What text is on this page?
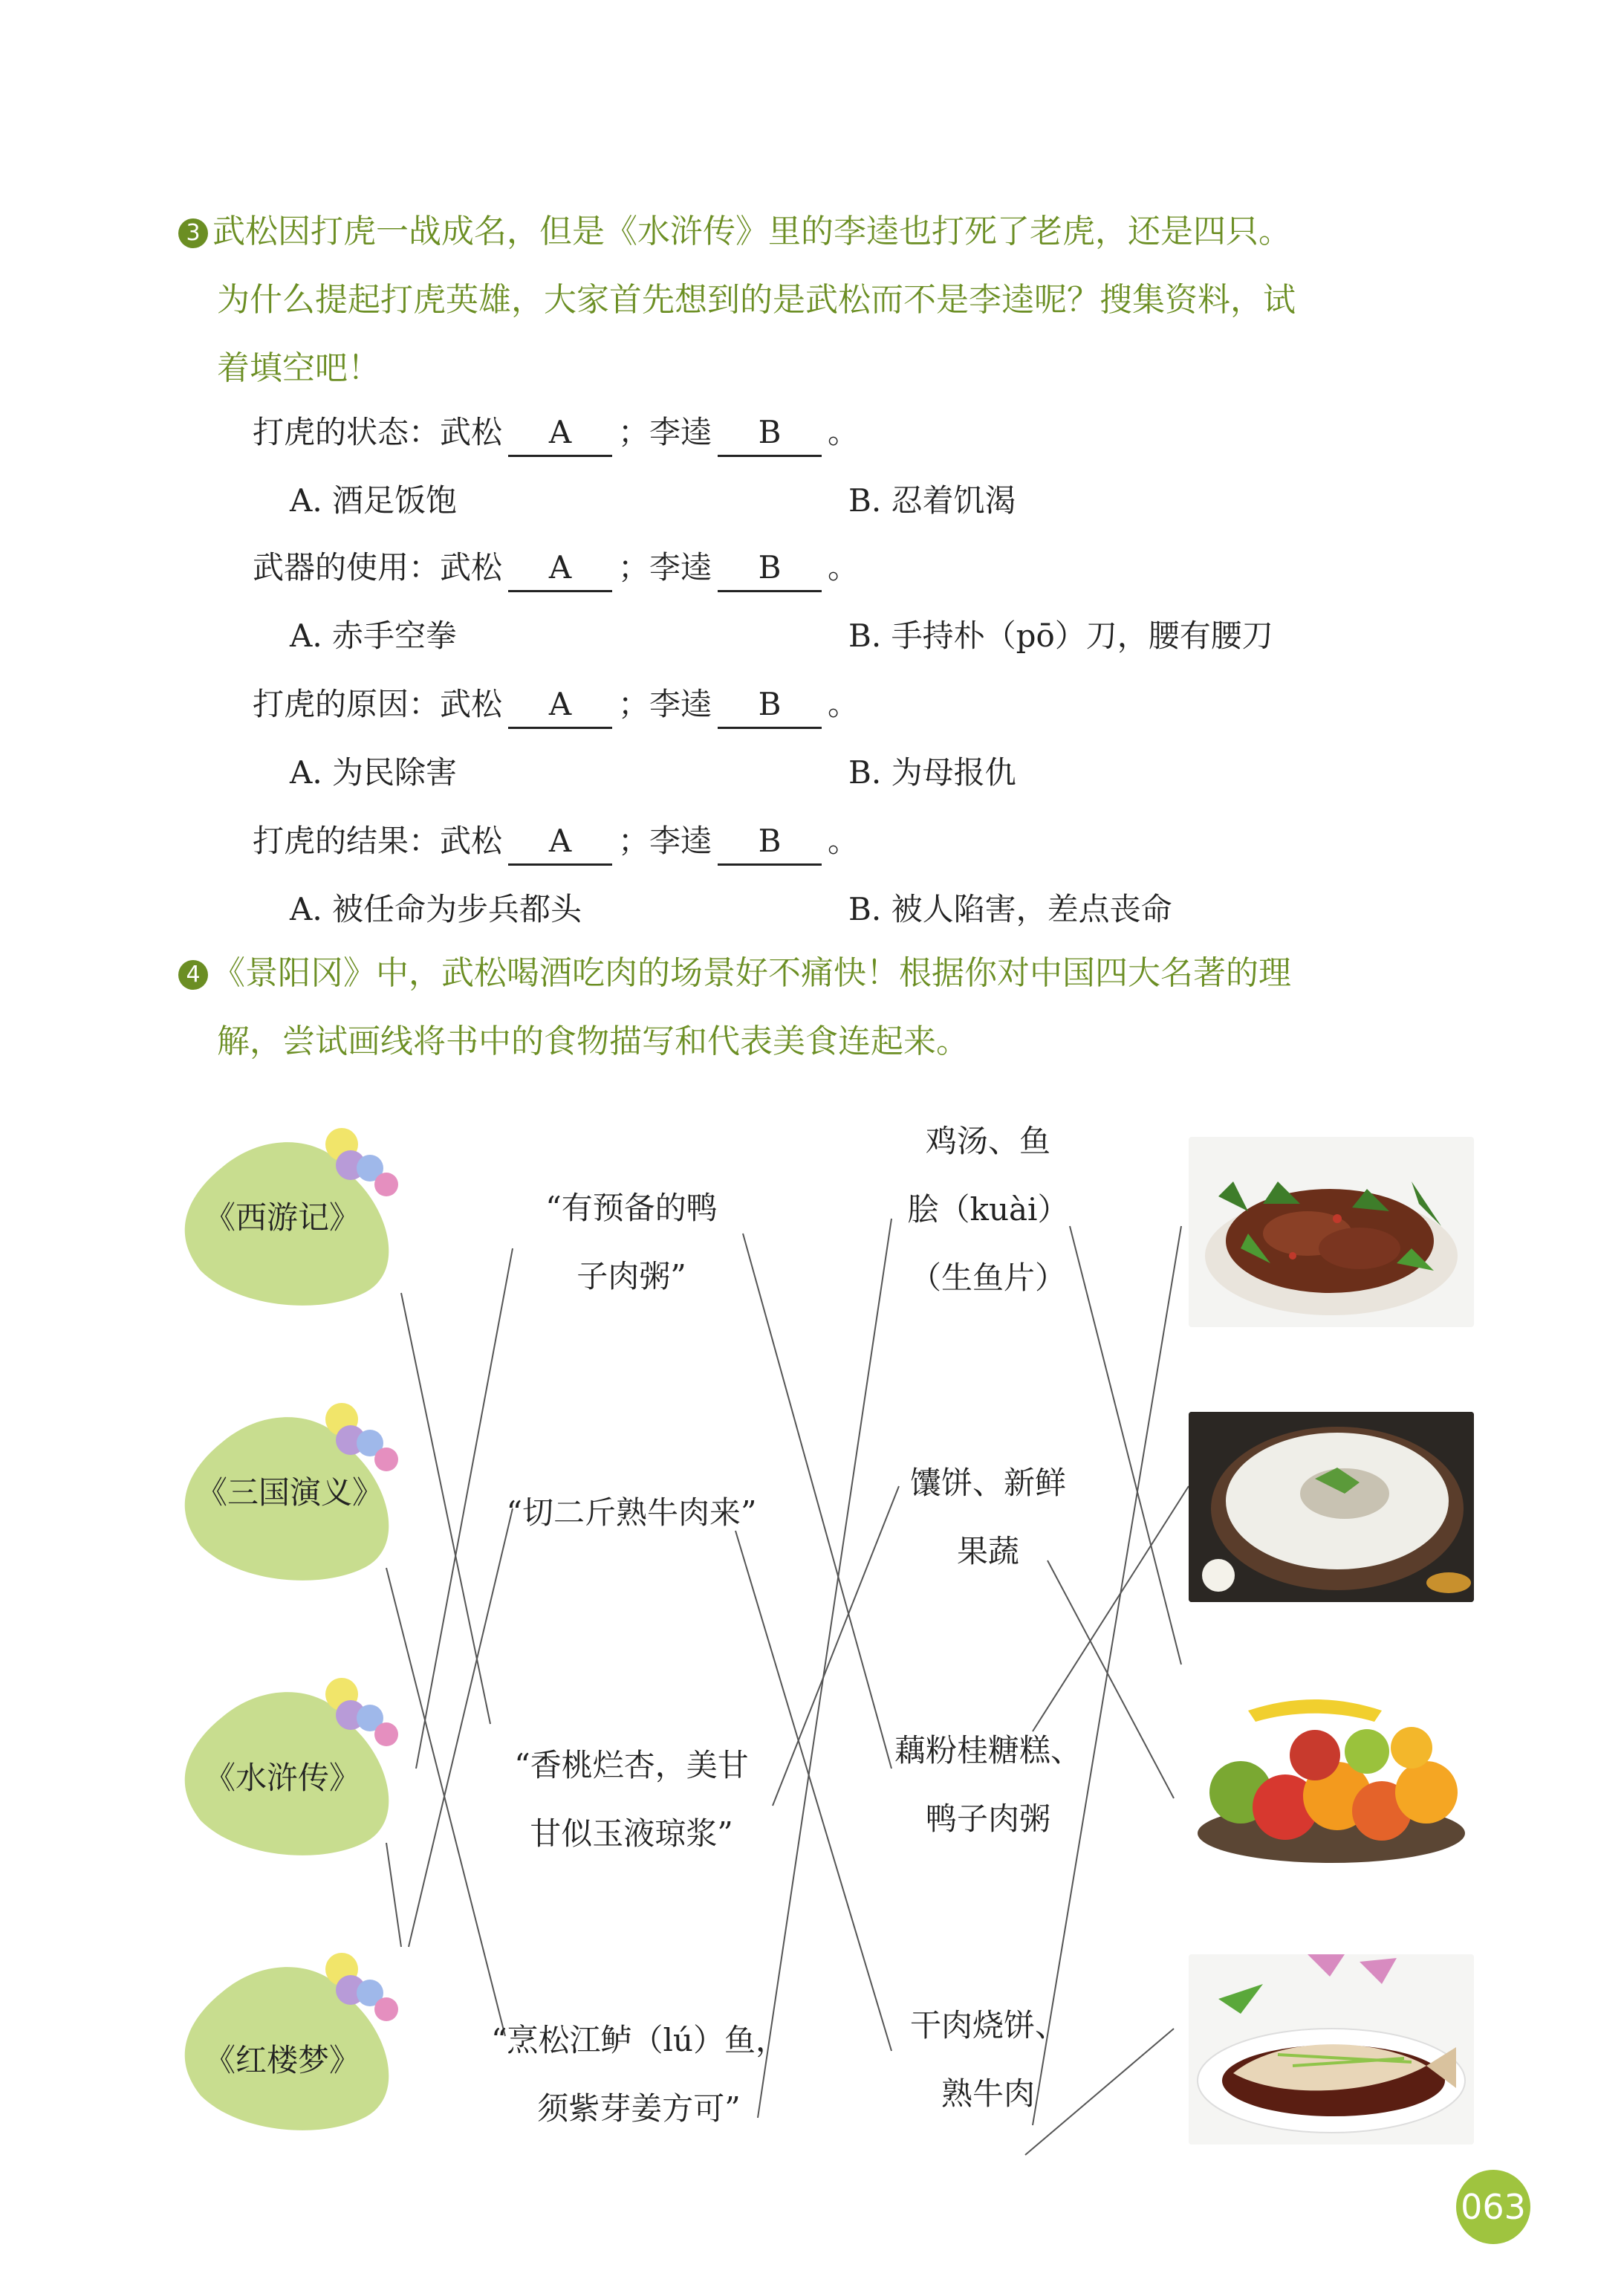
3 武松因打虎一战成名，但是《水浒传》里的李逵也打死了老虎，还是四只。
为什么提起打虎英雄，大家首先想到的是武松而不是李逵呢？搜集资料，试
着填空吧！
打虎的状态：武松 A ；李逵 B 。
A. 酒足饭饱	B. 忍着饥渴
武器的使用：武松 A ；李逵 B 。
A. 赤手空拳	B. 手持朴（pō）刀，腰有腰刀
打虎的原因：武松 A ；李逵 B 。
A. 为民除害	B. 为母报仇
打虎的结果：武松 A ；李逵 B 。
A. 被任命为步兵都头	B. 被人陷害，差点丧命
4 《景阳冈》中，武松喝酒吃肉的场景好不痛快！根据你对中国四大名著的理
解，尝试画线将书中的食物描写和代表美食连起来。
《西游记》
《三国演义》
《水浒传》
《红楼梦》
“有预备的鸭
子肉粥”
“切二斤熟牛肉来”
“香桃烂杏，美甘
甘似玉液琼浆”
“烹松江鲈（lú）鱼，
须紫芽姜方可”
鸡汤、鱼
脍（kuài）
（生鱼片）
馕饼、新鲜
果蔬
藕粉桂糖糕、
鸭子肉粥
干肉烧饼、
熟牛肉
063
